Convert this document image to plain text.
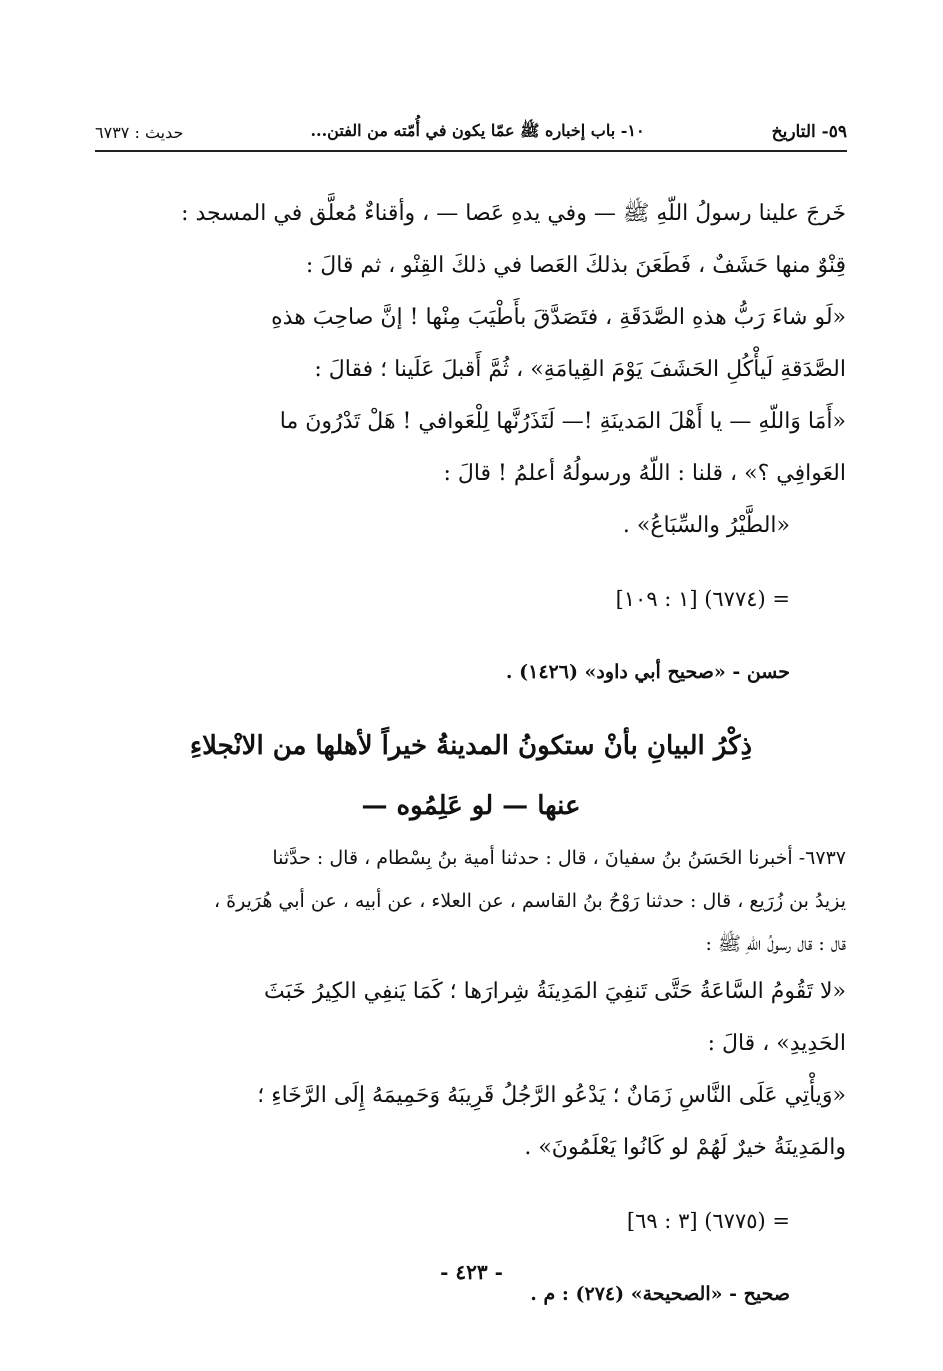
٥٩- التاريخ
١٠- باب إخباره ﷺ عمّا يكون في أُمّته من الفتن...
حديث : ٦٧٣٧

خَرجَ علينا رسولُ اللّهِ ﷺ — وفي يدهِ عَصا — ، وأقناءٌ مُعلَّق في المسجد :

قِنْوٌ منها حَشَفٌ ، فَطَعَنَ بذلكَ العَصا في ذلكَ القِنْو ، ثم قالَ :

«لَو شاءَ رَبُّ هذهِ الصَّدَقَةِ ، فتَصَدَّقَ بأَطْيَبَ مِنْها ! إنَّ صاحِبَ هذهِ

الصَّدَقةِ لَيأْكُلِ الحَشَفَ يَوْمَ القِيامَةِ» ، ثُمَّ أَقبلَ عَلَينا ؛ فقالَ :

«أَمَا وَاللّهِ — يا أَهْلَ المَدينَةِ !— لَتَذَرُنَّها لِلْعَوافي ! هَلْ تَدْرُونَ ما

العَوافِي ؟» ، قلنا : اللّهُ ورسولُهُ أعلمُ ! قالَ :

«الطَّيْرُ والسِّبَاعُ» .

= (٦٧٧٤) [١ : ١٠٩]

حسن - «صحيح أبي داود» (١٤٢٦) .

ذِكْرُ البيانِ بأنْ ستكونُ المدينةُ خيراً لأهلها من الانْجلاءِ
عنها — لو عَلِمُوه —

٦٧٣٧- أخبرنا الحَسَنُ بنُ سفيانَ ، قال : حدثنا أمية بنُ بِسْطام ، قال : حدَّثنا

يزيدُ بن زُرَيع ، قال : حدثنا رَوْحُ بنُ القاسم ، عن العلاء ، عن أبيه ، عن أبي هُرَيرةَ ،

قال : قال رسولُ اللّهِ ﷺ :

«لا تَقُومُ السَّاعَةُ حَتَّى تَنفِيَ المَدِينَةُ شِرارَها ؛ كَمَا يَنفِي الكِيرُ خَبَثَ

الحَدِيدِ» ، قالَ :

«وَيأْتِي عَلَى النَّاسِ زَمَانٌ ؛ يَدْعُو الرَّجُلُ قَرِيبَهُ وَحَمِيمَهُ إِلَى الرَّخَاءِ ؛

والمَدِينَةُ خيرٌ لَهُمْ لو كَانُوا يَعْلَمُونَ» .

= (٦٧٧٥) [٣ : ٦٩]

صحيح - «الصحيحة» (٢٧٤) : م .

- ٤٢٣ -
